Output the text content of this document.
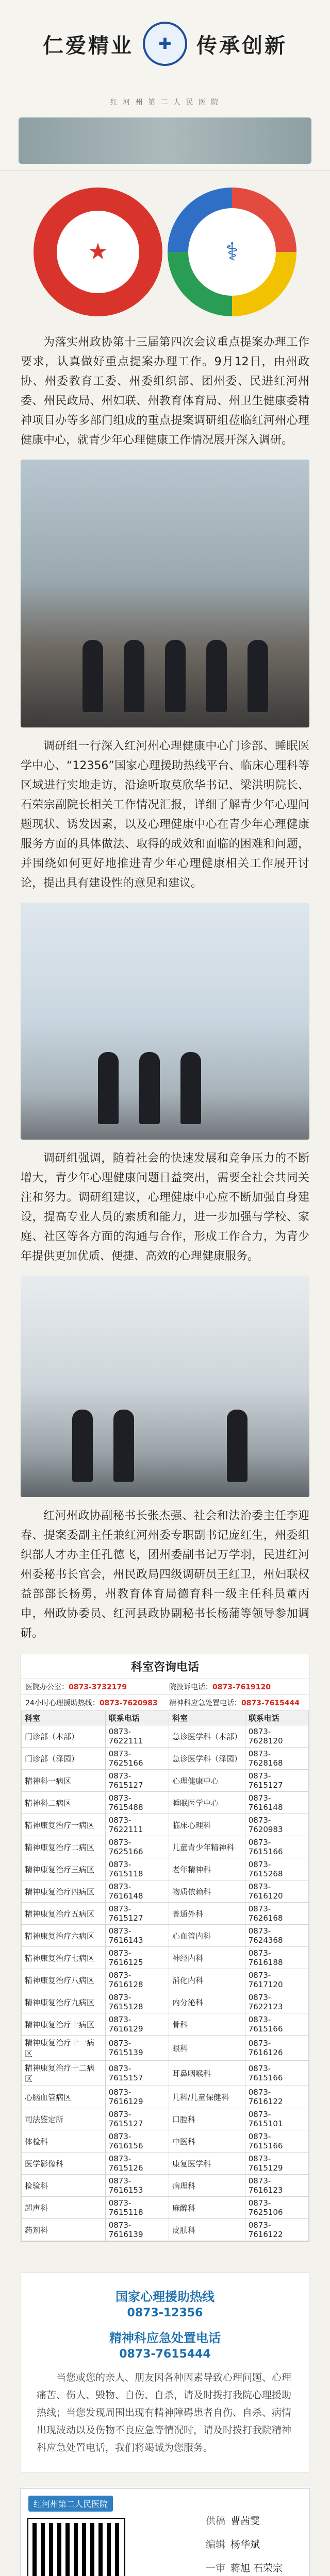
仁爱精业	✚	传承创新
红 河 州 第 二 人 民 医 院
★	⚕

为落实州政协第十三届第四次会议重点提案办理工作要求，认真做好重点提案办理工作。9月12日，由州政协、州委教育工委、州委组织部、团州委、民进红河州委、州民政局、州妇联、州教育体育局、州卫生健康委精神项目办等多部门组成的重点提案调研组莅临红河州心理健康中心，就青少年心理健康工作情况展开深入调研。

调研组一行深入红河州心理健康中心门诊部、睡眠医学中心、“12356”国家心理援助热线平台、临床心理科等区域进行实地走访，沿途听取莫欣华书记、梁洪明院长、石荣宗副院长相关工作情况汇报，详细了解青少年心理问题现状、诱发因素，以及心理健康中心在青少年心理健康服务方面的具体做法、取得的成效和面临的困难和问题，并围绕如何更好地推进青少年心理健康相关工作展开讨论，提出具有建设性的意见和建议。

调研组强调，随着社会的快速发展和竞争压力的不断增大，青少年心理健康问题日益突出，需要全社会共同关注和努力。调研组建议，心理健康中心应不断加强自身建设，提高专业人员的素质和能力，进一步加强与学校、家庭、社区等各方面的沟通与合作，形成工作合力，为青少年提供更加优质、便捷、高效的心理健康服务。

红河州政协副秘书长张杰强、社会和法治委主任李迎春、提案委副主任兼红河州委专职副书记庞红生，州委组织部人才办主任孔德飞，团州委副书记万学羽，民进红河州委秘书长官会，州民政局四级调研员王红卫，州妇联权益部部长杨勇，州教育体育局德育科一级主任科员董丙申，州政协委员、红河县政协副秘书长杨蒲等领导参加调研。

科室咨询电话
医院办公室：0873-3732179	院投诉电话：0873-7619120
24小时心理援助热线：0873-7620983	精神科应急处置电话：0873-7615444
科室	联系电话	科室	联系电话
门诊部（本部）	0873-7622111	急诊医学科（本部）	0873-7628120
门诊部（泽园）	0873-7625166	急诊医学科（泽园）	0873-7628168
精神科一病区	0873-7615127	心理健康中心	0873-7615127
精神科二病区	0873-7615488	睡眠医学中心	0873-7616148
精神康复治疗一病区	0873-7622111	临床心理科	0873-7620983
精神康复治疗二病区	0873-7625166	儿童青少年精神科	0873-7615166
精神康复治疗三病区	0873-7615118	老年精神科	0873-7615268
精神康复治疗四病区	0873-7616148	物质依赖科	0873-7616120
精神康复治疗五病区	0873-7615127	普通外科	0873-7626168
精神康复治疗六病区	0873-7616143	心血管内科	0873-7624368
精神康复治疗七病区	0873-7616125	神经内科	0873-7616188
精神康复治疗八病区	0873-7616128	消化内科	0873-7617120
精神康复治疗九病区	0873-7615128	内分泌科	0873-7622123
精神康复治疗十病区	0873-7616129	骨科	0873-7615166
精神康复治疗十一病区	0873-7615139	眼科	0873-7616126
精神康复治疗十二病区	0873-7615157	耳鼻咽喉科	0873-7615166
心脑血管病区	0873-7616129	儿科/儿童保健科	0873-7616122
司法鉴定所	0873-7615127	口腔科	0873-7615101
体检科	0873-7616156	中医科	0873-7615166
医学影像科	0873-7615126	康复医学科	0873-7615129
检验科	0873-7616153	病理科	0873-7616123
超声科	0873-7615118	麻醉科	0873-7625106
药剂科	0873-7616139	皮肤科	0873-7616122
国家心理援助热线
0873-12356
精神科应急处置电话
0873-7615444
当您或您的亲人、朋友因各种因素导致心理问题、心理痛苦、伤人、毁物、自伤、自杀，请及时拨打我院心理援助热线；当您发现周围出现有精神障碍患者自伤、自杀、病情出现波动以及伤物不良应急等情况时，请及时拨打我院精神科应急处置电话，我们将竭诚为您服务。
红河州第二人民医院
供稿 曹茜雯
编辑 杨华斌
一审 蒋旭 石荣宗
